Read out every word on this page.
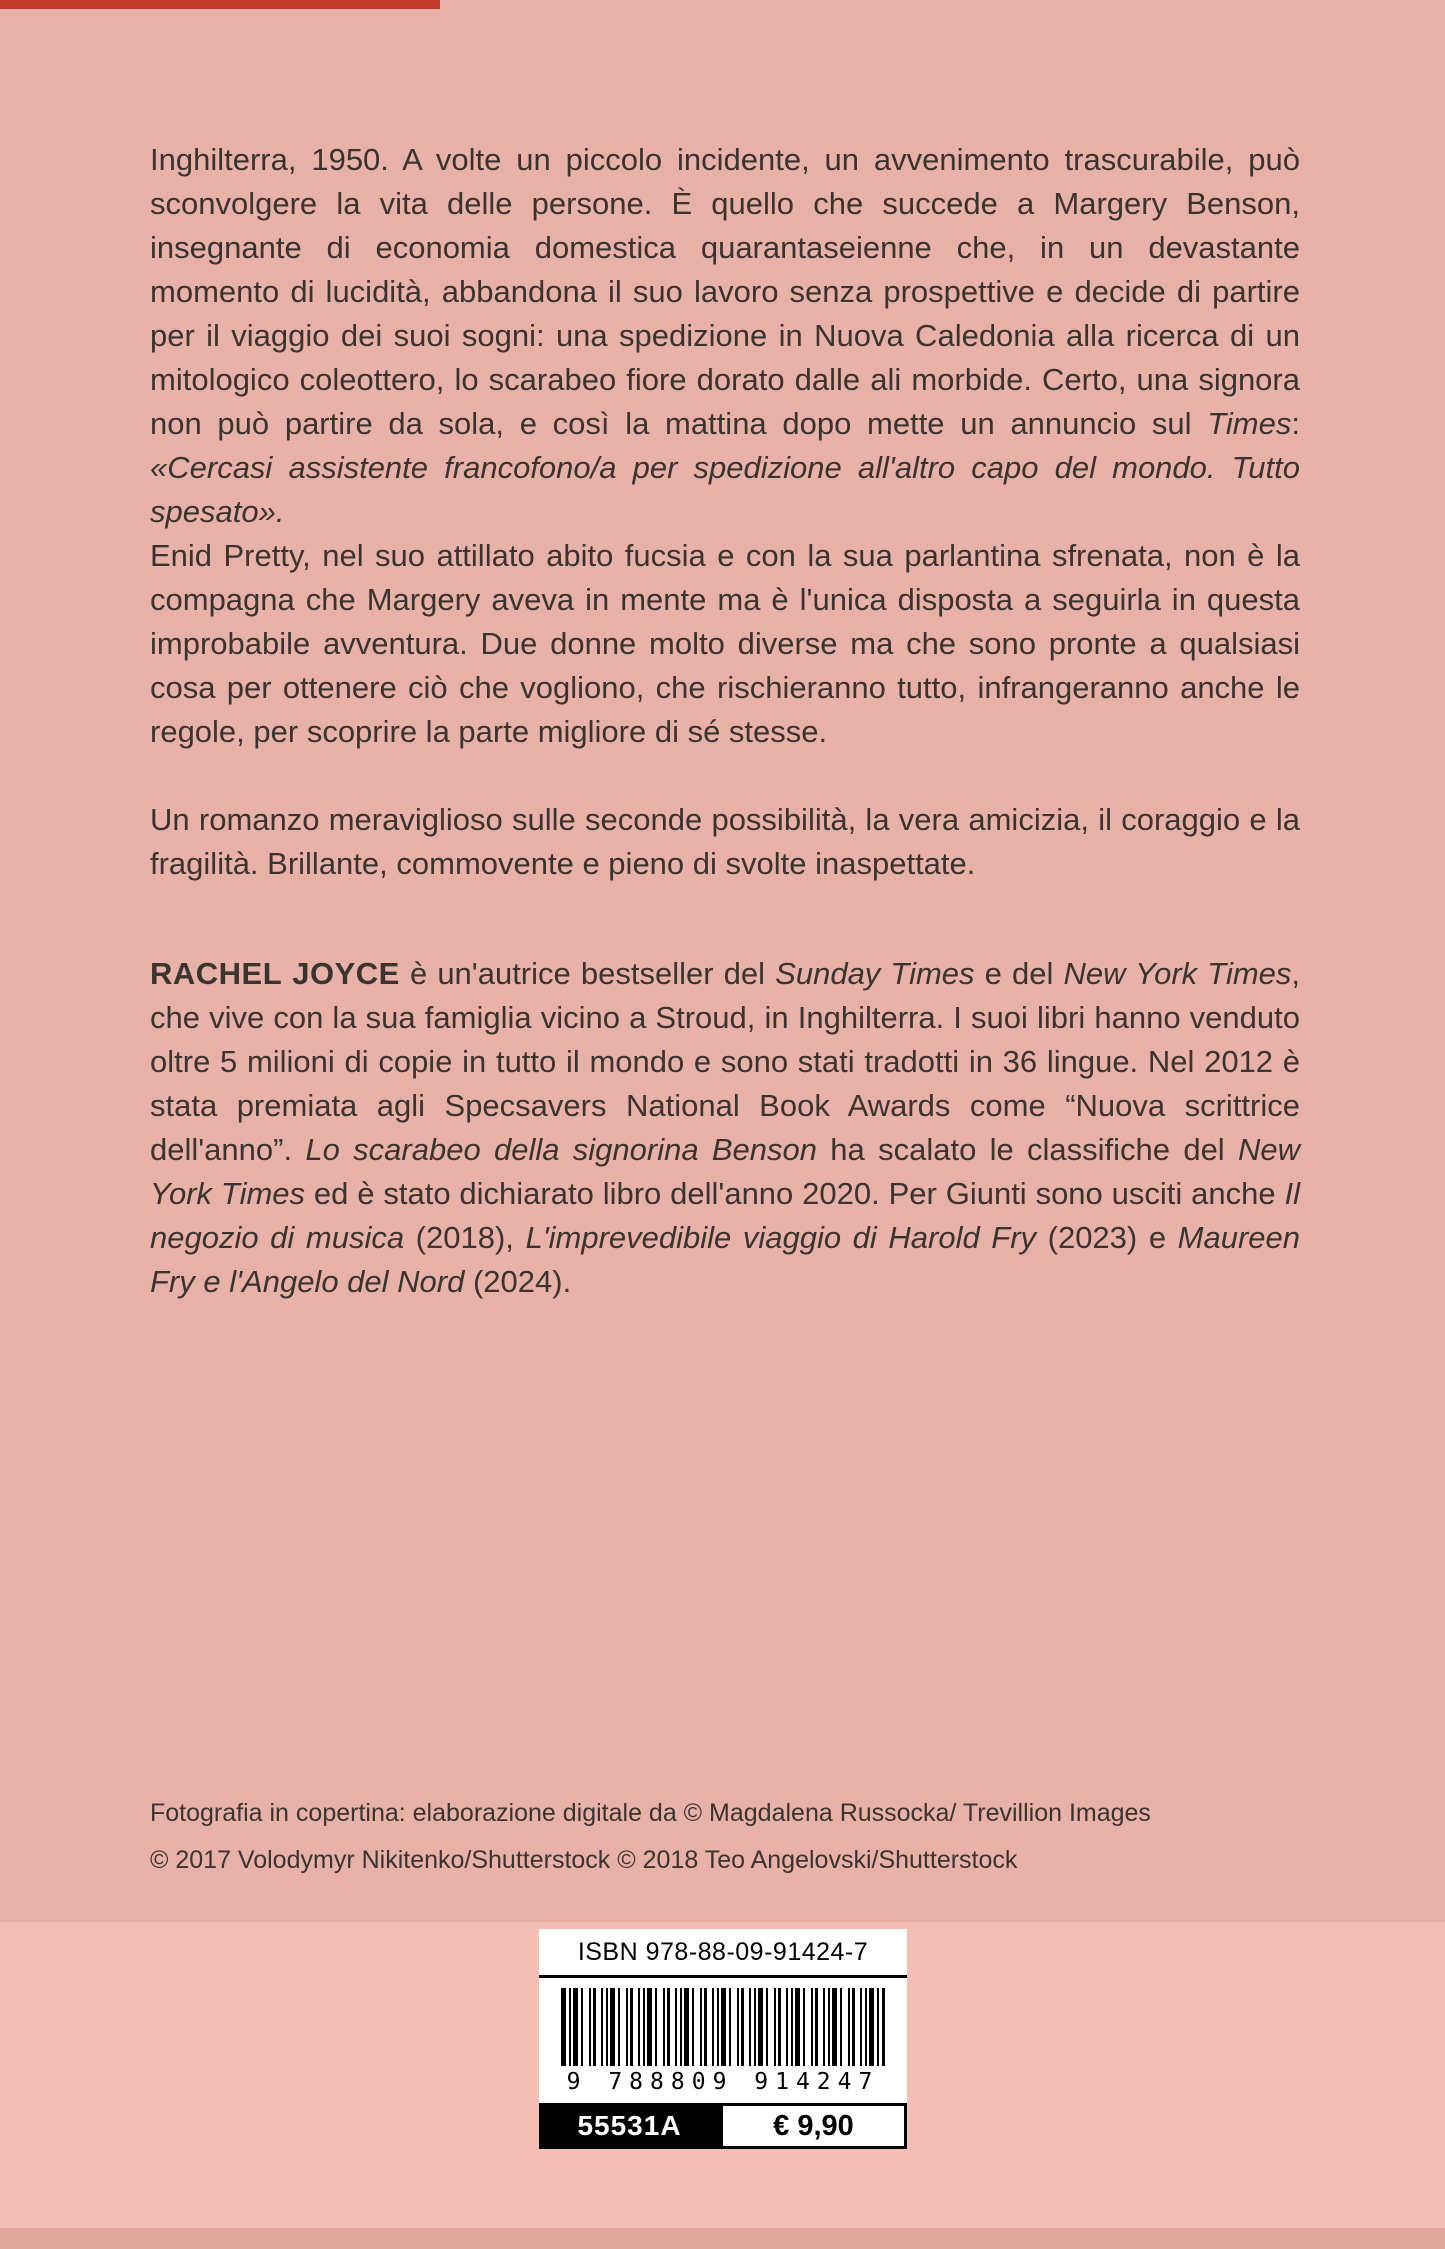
Inghilterra, 1950. A volte un piccolo incidente, un avvenimento trascurabile, può sconvolgere la vita delle persone. È quello che succede a Margery Benson, insegnante di economia domestica quarantaseienne che, in un devastante momento di lucidità, abbandona il suo lavoro senza prospettive e decide di partire per il viaggio dei suoi sogni: una spedizione in Nuova Caledonia alla ricerca di un mitologico coleottero, lo scarabeo fiore dorato dalle ali morbide. Certo, una signora non può partire da sola, e così la mattina dopo mette un annuncio sul Times: «Cercasi assistente francofono/a per spedizione all'altro capo del mondo. Tutto spesato».

Enid Pretty, nel suo attillato abito fucsia e con la sua parlantina sfrenata, non è la compagna che Margery aveva in mente ma è l'unica disposta a seguirla in questa improbabile avventura. Due donne molto diverse ma che sono pronte a qualsiasi cosa per ottenere ciò che vogliono, che rischieranno tutto, infrangeranno anche le regole, per scoprire la parte migliore di sé stesse.

Un romanzo meraviglioso sulle seconde possibilità, la vera amicizia, il coraggio e la fragilità. Brillante, commovente e pieno di svolte inaspettate.

RACHEL JOYCE è un'autrice bestseller del Sunday Times e del New York Times, che vive con la sua famiglia vicino a Stroud, in Inghilterra. I suoi libri hanno venduto oltre 5 milioni di copie in tutto il mondo e sono stati tradotti in 36 lingue. Nel 2012 è stata premiata agli Specsavers National Book Awards come “Nuova scrittrice dell'anno”. Lo scarabeo della signorina Benson ha scalato le classifiche del New York Times ed è stato dichiarato libro dell'anno 2020. Per Giunti sono usciti anche Il negozio di musica (2018), L'imprevedibile viaggio di Harold Fry (2023) e Maureen Fry e l'Angelo del Nord (2024).

Fotografia in copertina: elaborazione digitale da © Magdalena Russocka/ Trevillion Images

© 2017 Volodymyr Nikitenko/Shutterstock © 2018 Teo Angelovski/Shutterstock

ISBN 978-88-09-91424-7
9 788809 914247
55531A	€ 9,90
